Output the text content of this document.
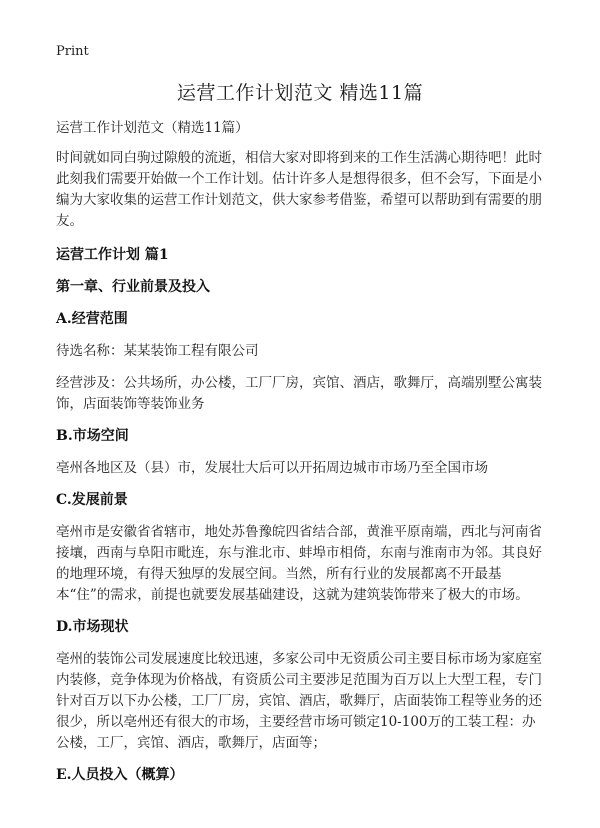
Print
运营工作计划范文 精选11篇

运营工作计划范文（精选11篇）

时间就如同白驹过隙般的流逝，相信大家对即将到来的工作生活满心期待吧！此时此刻我们需要开始做一个工作计划。估计许多人是想得很多，但不会写，下面是小编为大家收集的运营工作计划范文，供大家参考借鉴，希望可以帮助到有需要的朋友。

运营工作计划 篇1

第一章、行业前景及投入

A.经营范围

待选名称：某某装饰工程有限公司

经营涉及：公共场所，办公楼，工厂厂房，宾馆、酒店，歌舞厅，高端别墅公寓装饰，店面装饰等装饰业务

B.市场空间

亳州各地区及（县）市，发展壮大后可以开拓周边城市市场乃至全国市场

C.发展前景

亳州市是安徽省省辖市，地处苏鲁豫皖四省结合部，黄淮平原南端，西北与河南省接壤，西南与阜阳市毗连，东与淮北市、蚌埠市相倚，东南与淮南市为邻。其良好的地理环境，有得天独厚的发展空间。当然，所有行业的发展都离不开最基本“住”的需求，前提也就要发展基础建设，这就为建筑装饰带来了极大的市场。

D.市场现状

亳州的装饰公司发展速度比较迅速，多家公司中无资质公司主要目标市场为家庭室内装修，竞争体现为价格战，有资质公司主要涉足范围为百万以上大型工程，专门针对百万以下办公楼，工厂厂房，宾馆、酒店，歌舞厅，店面装饰工程等业务的还很少，所以亳州还有很大的市场，主要经营市场可锁定10-100万的工装工程：办公楼，工厂，宾馆、酒店，歌舞厅，店面等；

E.人员投入（概算）
